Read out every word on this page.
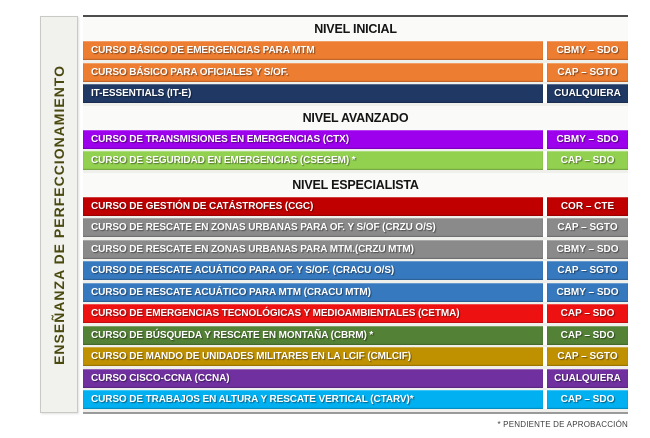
ENSEÑANZA DE PERFECCIONAMIENTO
NIVEL INICIAL
CURSO BÁSICO DE EMERGENCIAS PARA MTM	CBMY – SDO
CURSO BÁSICO PARA OFICIALES Y S/OF.	CAP – SGTO
IT-ESSENTIALS (IT-E)	CUALQUIERA
NIVEL AVANZADO
CURSO DE TRANSMISIONES EN EMERGENCIAS (CTX)	CBMY – SDO
CURSO DE SEGURIDAD EN EMERGENCIAS (CSEGEM) *	CAP – SDO
NIVEL ESPECIALISTA
CURSO DE GESTIÓN DE CATÁSTROFES (CGC)	COR – CTE
CURSO DE RESCATE EN ZONAS URBANAS PARA OF. Y S/OF (CRZU O/S)	CAP – SGTO
CURSO DE RESCATE EN ZONAS URBANAS PARA MTM.(CRZU MTM)	CBMY – SDO
CURSO DE RESCATE ACUÁTICO PARA OF. Y S/OF. (CRACU O/S)	CAP – SGTO
CURSO DE RESCATE ACUÁTICO PARA MTM (CRACU MTM)	CBMY – SDO
CURSO DE EMERGENCIAS TECNOLÓGICAS Y MEDIOAMBIENTALES (CETMA)	CAP – SDO
CURSO DE BÚSQUEDA Y RESCATE EN MONTAÑA (CBRM) *	CAP – SDO
CURSO DE MANDO DE UNIDADES MILITARES EN LA LCIF (CMLCIF)	CAP – SGTO
CURSO CISCO-CCNA (CCNA)	CUALQUIERA
CURSO DE TRABAJOS EN ALTURA Y RESCATE VERTICAL (CTARV)*	CAP – SDO
* PENDIENTE DE APROBACCIÓN
